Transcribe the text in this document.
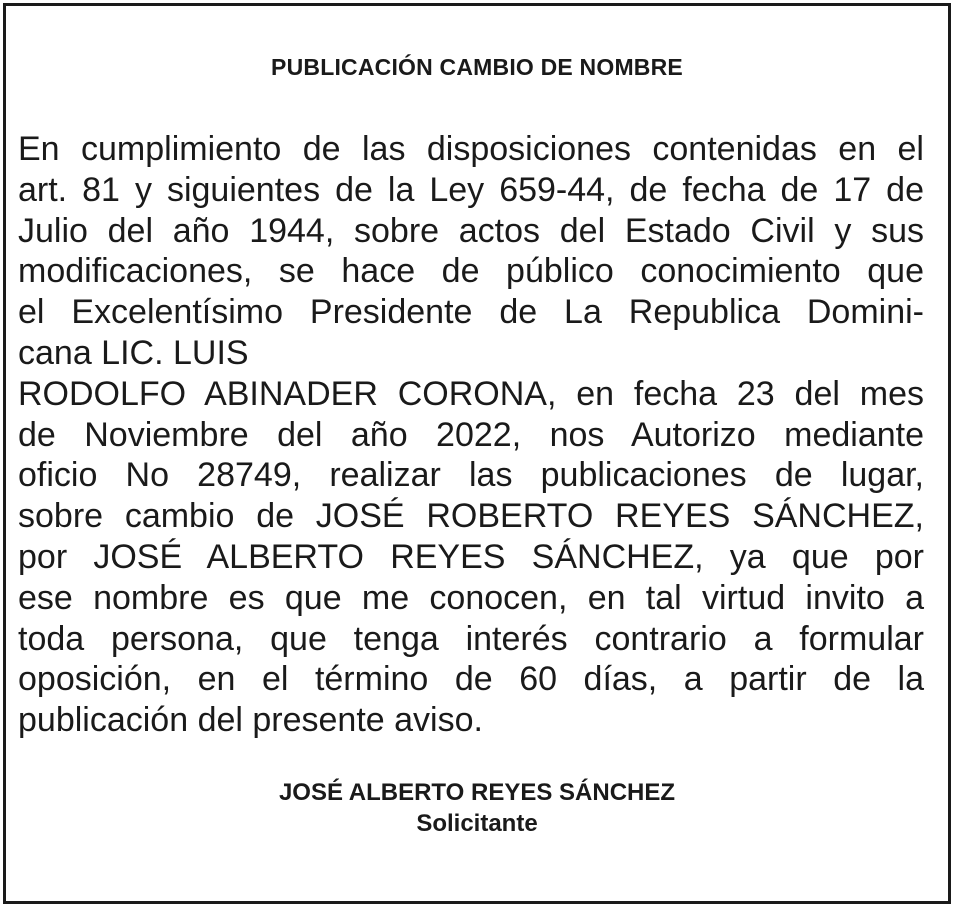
PUBLICACIÓN CAMBIO DE NOMBRE
En cumplimiento de las disposiciones contenidas en el
art. 81 y siguientes de la Ley 659-44, de fecha de 17 de
Julio del año 1944, sobre actos del Estado Civil y sus
modificaciones, se hace de público conocimiento que
el Excelentísimo Presidente de La Republica Domini-
cana LIC. LUIS
RODOLFO ABINADER CORONA, en fecha 23 del mes
de Noviembre del año 2022, nos Autorizo mediante
oficio No 28749, realizar las publicaciones de lugar,
sobre cambio de JOSÉ ROBERTO REYES SÁNCHEZ,
por JOSÉ ALBERTO REYES SÁNCHEZ, ya que por
ese nombre es que me conocen, en tal virtud invito a
toda persona, que tenga interés contrario a formular
oposición, en el término de 60 días, a partir de la
publicación del presente aviso.
JOSÉ ALBERTO REYES SÁNCHEZ
Solicitante
